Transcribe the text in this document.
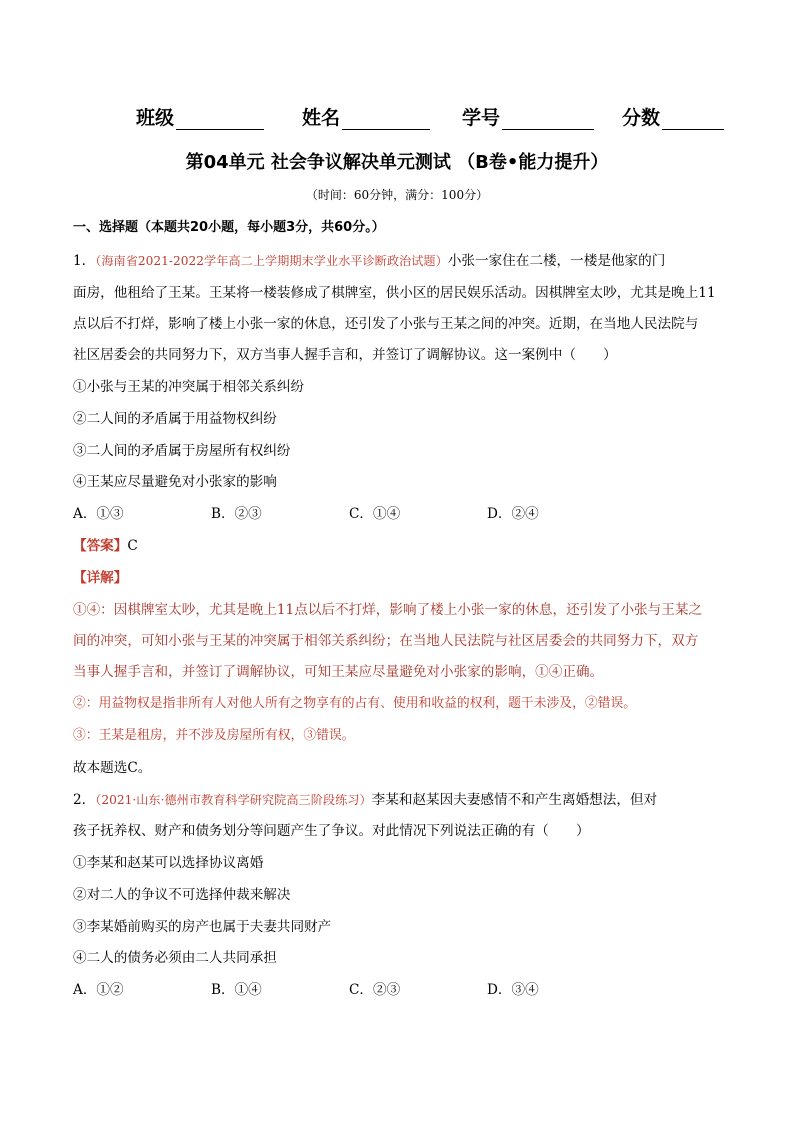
班级	姓名	学号	分数
第04单元 社会争议解决单元测试 （B卷•能力提升）
（时间：60分钟，满分：100分）
一、选择题（本题共20小题，每小题3分，共60分。）
1．（海南省2021-2022学年高二上学期期末学业水平诊断政治试题）小张一家住在二楼，一楼是他家的门
面房，他租给了王某。王某将一楼装修成了棋牌室，供小区的居民娱乐活动。因棋牌室太吵，尤其是晚上11
点以后不打烊，影响了楼上小张一家的休息，还引发了小张与王某之间的冲突。近期，在当地人民法院与
社区居委会的共同努力下，双方当事人握手言和，并签订了调解协议。这一案例中（　　）
①小张与王某的冲突属于相邻关系纠纷
②二人间的矛盾属于用益物权纠纷
③二人间的矛盾属于房屋所有权纠纷
④王某应尽量避免对小张家的影响
A．①③	B．②③	C．①④	D．②④
【答案】C
【详解】
①④：因棋牌室太吵，尤其是晚上11点以后不打烊，影响了楼上小张一家的休息，还引发了小张与王某之
间的冲突，可知小张与王某的冲突属于相邻关系纠纷；在当地人民法院与社区居委会的共同努力下，双方
当事人握手言和，并签订了调解协议，可知王某应尽量避免对小张家的影响，①④正确。
②：用益物权是指非所有人对他人所有之物享有的占有、使用和收益的权利，题干未涉及，②错误。
③：王某是租房，并不涉及房屋所有权，③错误。
故本题选C。
2．（2021·山东·德州市教育科学研究院高三阶段练习）李某和赵某因夫妻感情不和产生离婚想法，但对
孩子抚养权、财产和债务划分等问题产生了争议。对此情况下列说法正确的有（　　）
①李某和赵某可以选择协议离婚
②对二人的争议不可选择仲裁来解决
③李某婚前购买的房产也属于夫妻共同财产
④二人的债务必须由二人共同承担
A．①②	B．①④	C．②③	D．③④
